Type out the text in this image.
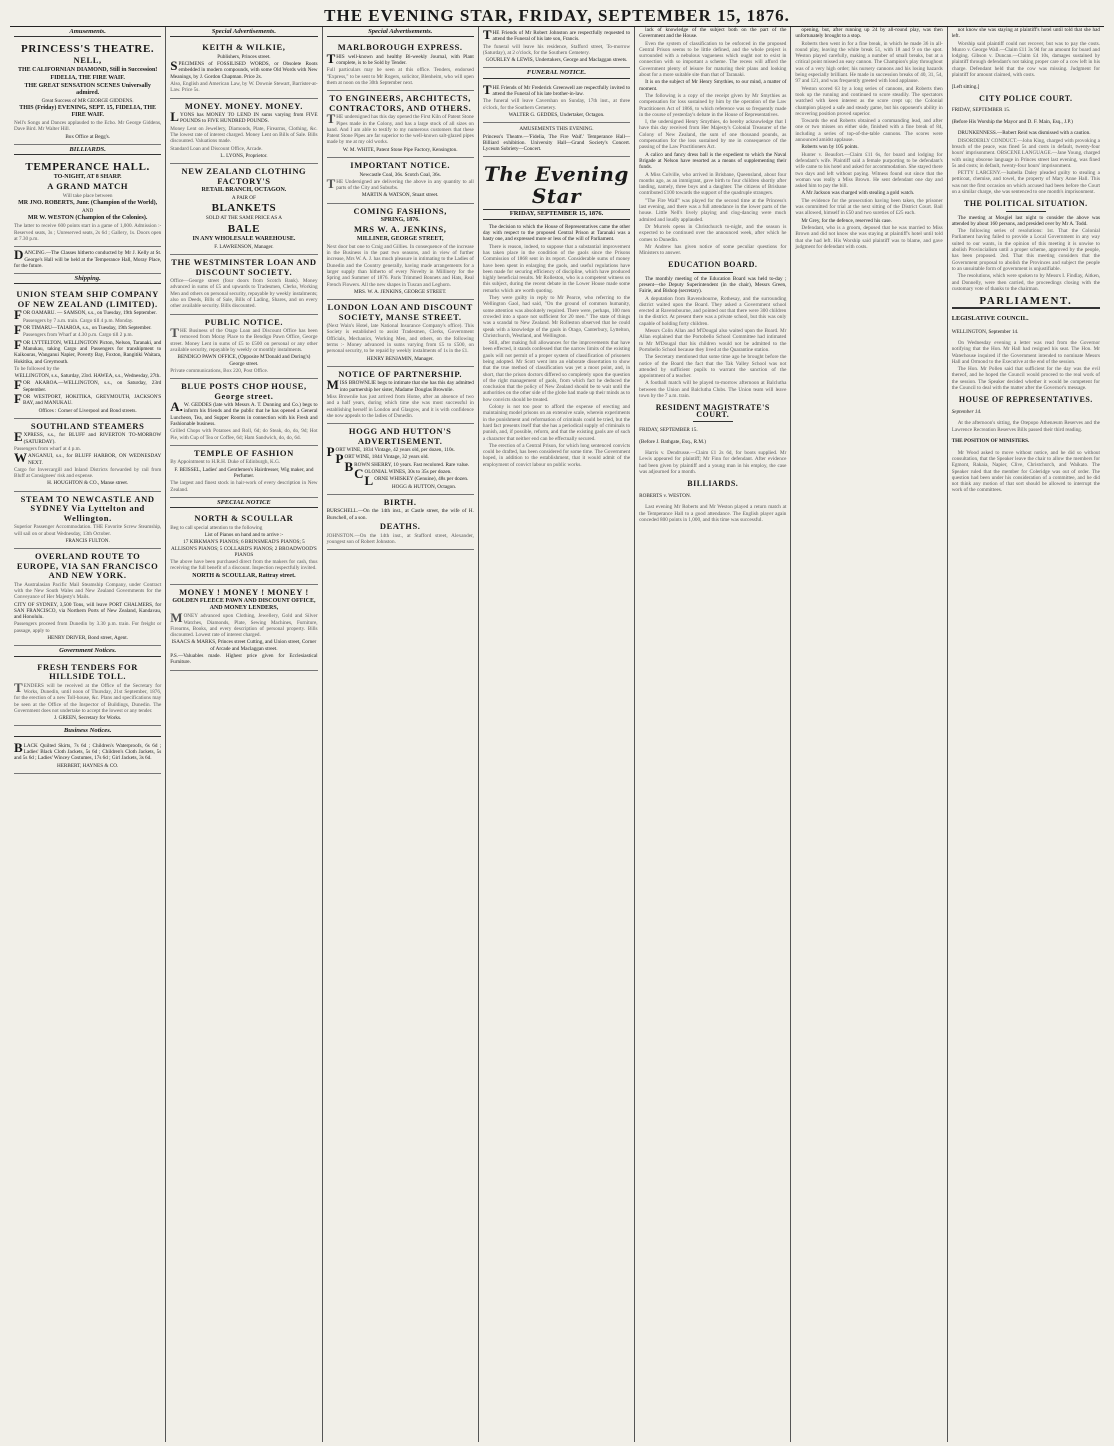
THE EVENING STAR, FRIDAY, SEPTEMBER 15, 1876.
Amusements.
PRINCESS'S THEATRE.
NELL,

THE CALIFORNIAN DIAMOND, Still in Succession!

FIDELIA, THE FIRE WAIF.

THE GREAT SENSATION SCENES Universally admired.

Great Success of MR GEORGE GIDDENS.

THIS (Friday) EVENING, SEPT. 15, FIDELIA, THE FIRE WAIF.

Nell's Songs and Dances applauded to the Echo. Mr George Giddens, Dave Bird. Mr Walter Hill.

Box Office at Begg's.

BILLIARDS.
TEMPERANCE HALL.

TO-NIGHT, AT 8 SHARP.

A GRAND MATCH

Will take place between

MR JNO. ROBERTS, Junr. (Champion of the World),

AND

MR W. WESTON (Champion of the Colonies).

The latter to receive 600 points start in a game of 1,000. Admission :- Reserved seats, 3s ; Unreserved seats, 2s 6d ; Gallery, 1s. Doors open at 7.30 p.m.

DANCING.—The Classes hitherto conducted by Mr J. Kelly at St. George's Hall will be held at the Temperance Hall, Moray Place, for the future.

Shipping.
UNION STEAM SHIP COMPANY OF NEW ZEALAND (LIMITED).

FOR OAMARU. — SAMSON, s.s., on Tuesday, 19th September.

Passengers by 7 a.m. train. Cargo till 4 p.m. Monday.

FOR TIMARU—TAIAROA, s.s., on Tuesday, 19th September.

Passengers from Wharf at 4.30 p.m. Cargo till 2 p.m.

FOR LYTTELTON, WELLINGTON Picton, Nelson, Taranaki, and Manukau, taking Cargo and Passengers for transhipment to Kaikouras, Wanganui Napier, Poverty Bay, Foxton, Rangitiki Waitara, Hokitika, and Greymouth.

To be followed by the

WELLINGTON, s.s., Saturday, 23rd. HAWEA, s.s., Wednesday, 27th.

FOR AKAROA.—WELLINGTON, s.s., on Saturday, 23rd September.

FOR WESTPORT, HOKITIKA, GREYMOUTH, JACKSON'S BAY, and MANUKAU.

Offices : Corner of Liverpool and Bond streets.

SOUTHLAND STEAMERS

EXPRESS, s.s., for BLUFF and RIVERTON TO-MORROW (SATURDAY).

Passengers from wharf at 4 p.m.

WANGANUI, s.s., for BLUFF HARBOR, ON WEDNESDAY NEXT.

Cargo for Invercargill and Inland Districts forwarded by rail from Bluff at Consignees' risk and expense.

H. HOUGHTON & CO., Manse street.

STEAM TO NEWCASTLE AND SYDNEY Via Lyttelton and Wellington.

Superior Passenger Accommodation. THE Favorite Screw Steamship, will sail on or about Wednesday, 13th October.

FRANCIS FULTON.

OVERLAND ROUTE TO EUROPE, VIA SAN FRANCISCO AND NEW YORK.

The Australasian Pacific Mail Steamship Company, under Contract with the New South Wales and New Zealand Governments for the Conveyance of Her Majesty's Mails.

CITY OF SYDNEY, 3,500 Tons, will leave PORT CHALMERS, for SAN FRANCISCO, via Northern Ports of New Zealand, Kandavau, and Honolulu.

Passengers proceed from Dunedin by 3.30 p.m. train. For freight or passage, apply to

HENRY DRIVER, Bond street, Agent.

Government Notices.
FRESH TENDERS FOR HILLSIDE TOLL.

TENDERS will be received at the Office of the Secretary for Works, Dunedin, until noon of Thursday, 21st September, 1876, for the erection of a new Toll-house, &c. Plans and specifications may be seen at the Office of the Inspector of Buildings, Dunedin. The Government does not undertake to accept the lowest or any tender.

J. GREEN, Secretary for Works.

Business Notices.

BLACK Quilted Skirts, 7s 6d ; Children's Waterproofs, 6s 6d ; Ladies' Black Cloth Jackets, 5s 6d ; Children's Cloth Jackets, 5s and 5s 6d ; Ladies' Wincey Costumes, 17s 6d ; Girl Jackets, 3s 6d.

HERBERT, HAYNES & CO.

Special Advertisements.
KEITH & WILKIE,

Publishers, Princes street.

SPECIMENS of FOSSILISED WORDS, or Obsolete Roots embedded in modern compounds, with some Old Words with New Meanings, by J. Gordon Chapman. Price 2s.

Also, English and American Law, by W. Downie Stewart, Barrister-at-Law. Price 5s.

MONEY. MONEY. MONEY.

LYONS has MONEY TO LEND IN sums varying from FIVE POUNDS to FIVE HUNDRED POUNDS.

Money Lent on Jewellery, Diamonds, Plate, Firearms, Clothing, &c. The lowest rate of interest charged. Money Lent on Bills of Sale. Bills discounted. Valuations made.

Standard Loan and Discount Office, Arcade.

L. LYONS, Proprietor.

NEW ZEALAND CLOTHING FACTORY'S

RETAIL BRANCH, OCTAGON.

A PAIR OF

BLANKETS

SOLD AT THE SAME PRICE AS A

BALE

IN ANY WHOLESALE WAREHOUSE.

F. LAWRENSON, Manager.

THE WESTMINSTER LOAN AND DISCOUNT SOCIETY.

Office—George street (four doors from Scotch Bank). Money advanced in sums of £5 and upwards to Tradesmen, Clerks, Working Men and others on personal security, repayable by weekly instalments; also on Deeds, Bills of Sale, Bills of Lading, Shares, and on every other available security. Bills discounted.

PUBLIC NOTICE.

THE Business of the Otago Loan and Discount Office has been removed from Moray Place to the Bendigo Pawn Office, George street. Money Lent in sums of £5 to £500 on personal or any other available security, repayable by weekly or monthly instalments.

BENDIGO PAWN OFFICE, (Opposite M'Donald and Doring's) George street.

Private communications, Box 220, Post Office.

BLUE POSTS CHOP HOUSE, George street.

A.W. GEDDES (late with Messrs A. T. Dunning and Co.) begs to inform his friends and the public that he has opened a General Luncheon, Tea, and Supper Rooms in connection with his Fresh and Fashionable business.

Grilled Chops with Potatoes and Roll, 6d; do Steak, do, do, 9d; Hot Pie, with Cup of Tea or Coffee, 6d; Ham Sandwich, do, do, 6d.

TEMPLE OF FASHION

By Appointment to H.R.H. Duke of Edinburgh, K.G.

F. BEISSEL, Ladies' and Gentlemen's Hairdresser, Wig maker, and Perfumer.

The largest and finest stock in hair-work of every description in New Zealand.

SPECIAL NOTICE
NORTH & SCOULLAR

Beg to call special attention to the following

List of Pianos on hand and to arrive :-

17 KIRKMAN'S PIANOS; 6 BRINSMEAD'S PIANOS; 5 ALLISON'S PIANOS; 5 COLLARD'S PIANOS; 2 BROADWOOD'S PIANOS

The above have been purchased direct from the makers for cash, thus receiving the full benefit of a discount. Inspection respectfully invited.

NORTH & SCOULLAR, Rattray street.

MONEY ! MONEY ! MONEY !

GOLDEN FLEECE PAWN AND DISCOUNT OFFICE, AND MONEY LENDERS,

MONEY advanced upon Clothing, Jewellery, Gold and Silver Watches, Diamonds, Plate, Sewing Machines, Furniture, Firearms, Books, and every description of personal property. Bills discounted. Lowest rate of interest charged.

ISAACS & MARKS, Princes street Cutting, and Union street, Corner of Arcade and Maclaggan street.

P.S.—Valuables made. Highest price given for Ecclesiastical Furniture.

Special Advertisements.
MARLBOROUGH EXPRESS.

THIS well-known and healthy Bi-weekly Journal, with Plant complete, is to be Sold by Tender.

Full particulars may be seen at this office. Tenders, endorsed "Express," to be sent to Mr Rogers, solicitor, Blenheim, who will open them at noon on the 30th September next.

TO ENGINEERS, ARCHITECTS, CONTRACTORS, AND OTHERS.

THE undersigned has this day opened the First Kiln of Patent Stone Pipes made in the Colony, and has a large stock of all sizes on hand. And I am able to testify to my numerous customers that these Patent Stone Pipes are far superior to the well-known salt-glazed pipes made by me at my old works.

W. M. WHITE, Patent Stone Pipe Factory, Kensington.

IMPORTANT NOTICE.

Newcastle Coal, 36s. Scotch Coal, 36s.

THE Undersigned are delivering the above in any quantity to all parts of the City and Suburbs.

MARTIN & WATSON, Stuart street.

COMING FASHIONS,

SPRING, 1876.

MRS W. A. JENKINS,

MILLINER, GEORGE STREET,

Next door but one to Craig and Gillies. In consequence of the increase in the Business in the past two seasons, and in view of further increase, Mrs W. A. J. has much pleasure in intimating to the Ladies of Dunedin and the Country generally, having made arrangements for a larger supply than hitherto of every Novelty in Millinery for the Spring and Summer of 1876. Paris Trimmed Bonnets and Hats, Real French Flowers. All the new shapes in Tuscan and Leghorn.

MRS. W. A. JENKINS, GEORGE STREET.

LONDON LOAN AND DISCOUNT SOCIETY, MANSE STREET.

(Next Wain's Hotel, late National Insurance Company's office). This Society is established to assist Tradesmen, Clerks, Government Officials, Mechanics, Working Men, and others, on the following terms :- Money advanced in sums varying from £5 to £500, on personal security, to be repaid by weekly instalments of 1s in the £1.

HENRY BENJAMIN, Manager.

NOTICE OF PARTNERSHIP.

MISS BROWNLIE begs to intimate that she has this day admitted into partnership her sister, Madame Douglas Brownlie.

Miss Brownlie has just arrived from Home, after an absence of two and a half years, during which time she was most successful in establishing herself in London and Glasgow, and it is with confidence she now appeals to the ladies of Dunedin.

HOGG AND HUTTON'S ADVERTISEMENT.

PORT WINE, 1834 Vintage, 42 years old, per dozen, 110s.

PORT WINE, 1844 Vintage, 32 years old.

BROWN SHERRY, 10 years. Fast recolored. Rare value.

COLONIAL WINES, 30s to 35s per dozen.

LORNE WHISKEY (Genuine), 48s per dozen.

HOGG & HUTTON, Octagon.

BIRTH.

BURSCHELL.—On the 14th inst., at Castle street, the wife of H. Burschell, of a son.

DEATHS.

JOHNSTON.—On the 14th inst., at Stafford street, Alexander, youngest son of Robert Johnston.

THE Friends of Mr Robert Johnston are respectfully requested to attend the Funeral of his late son, Francis.

The funeral will leave his residence, Stafford street, To-morrow (Saturday), at 2 o'clock, for the Southern Cemetery.

GOURLEY & LEWIS, Undertakers, George and Maclaggan streets.

FUNERAL NOTICE.

THE Friends of Mr Frederick Greenwell are respectfully invited to attend the Funeral of his late brother-in-law.

The funeral will leave Cavershan on Sunday, 17th inst., at three o'clock, for the Southern Cemetery.

WALTER G. GEDDES, Undertaker, Octagon.

AMUSEMENTS THIS EVENING.

Princess's Theatre.—'Fidelia, The Fire Waif.' Temperance Hall—Billiard exhibition. University Hall—Grand Society's Concert. Lyceum Sobriety—Concert.

The Evening Star
FRIDAY, SEPTEMBER 15, 1876.

The decision to which the House of Representatives came the other day with respect to the proposed Central Prison at Taranaki was a hasty one, and expressed more or less of the will of Parliament.

There is reason, indeed, to suppose that a substantial improvement has taken place in the condition of the gaols since the Prisons Commission of 1868 sent in its report. Considerable sums of money have been spent in enlarging the gaols, and useful regulations have been made for securing efficiency of discipline, which have produced highly beneficial results. Mr Rolleston, who is a competent witness on this subject, during the recent debate in the Lower House made some remarks which are worth quoting.

They were guilty in reply to Mr Pearce, who referring to the Wellington Gaol, had said, "On the ground of common humanity, some attention was absolutely required. There were, perhaps, 100 men crowded into a space not sufficient for 20 men." The state of things was a scandal to New Zealand. Mr Rolleston observed that he could speak with a knowledge of the gaols in Otago, Canterbury, Lyttelton, Christchurch, Westland, and Wellington.

Still, after making full allowances for the improvements that have been effected, it stands confessed that the narrow limits of the existing gaols will not permit of a proper system of classification of prisoners being adopted. Mr Scott went into an elaborate dissertation to show that the true method of classification was yet a moot point, and, in short, that the prison doctors differed so completely upon the question of the right management of gaols, from which fact he deduced the conclusion that the policy of New Zealand should be to wait until the authorities on the other side of the globe had made up their minds as to how convicts should be treated.

Colony is not too poor to afford the expense of erecting and maintaining model prisons on an extensive scale, wherein experiments in the punishment and reformation of criminals could be tried, but the hard fact presents itself that she has a periodical supply of criminals to punish, and, if possible, reform, and that the existing gaols are of such a character that neither end can be effectually secured.

The erection of a Central Prison, for which long sentenced convicts could be drafted, has been considered for some time. The Government hoped, in addition to the establishment, that it would admit of the employment of convict labour on public works.

lack of knowledge of the subject both on the part of the Government and the House.

Even the system of classification to be enforced in the proposed Central Prison seems to be little defined, and the whole project is surrounded with a nebulous vagueness which ought not to exist in connection with so important a scheme. The recess will afford the Government plenty of leisure for maturing their plans and looking about for a more suitable site than that of Taranaki.

It is on the subject of Mr Henry Smythies, to our mind, a matter of moment.

The following is a copy of the receipt given by Mr Smythies as compensation for loss sustained by him by the operation of the Law Practitioners Act of 1866, to which reference was so frequently made in the course of yesterday's debate in the House of Representatives.

I, the undersigned Henry Smythies, do hereby acknowledge that I have this day received from Her Majesty's Colonial Treasurer of the Colony of New Zealand, the sum of one thousand pounds, as compensation for the loss sustained by me in consequence of the passing of the Law Practitioners Act.

A calico and fancy dress ball is the expedient to which the Naval Brigade at Nelson have resorted as a means of supplementing their funds.

A Miss Colville, who arrived in Brisbane, Queensland, about four months ago, as an immigrant, gave birth to four children shortly after landing, namely, three boys and a daughter. The citizens of Brisbane contributed £100 towards the support of the quadruple strangers.

"The Fire Waif" was played for the second time at the Princess's last evening, and there was a full attendance in the lower parts of the house. Little Nell's lively playing and clog-dancing were much admired and loudly applauded.

Dr Murrels opens in Christchurch to-night, and the season is expected to be continued over the announced week, after which he comes to Dunedin.

Mr Andrew has given notice of some peculiar questions for Ministers to answer.

EDUCATION BOARD.

The monthly meeting of the Education Board was held to-day ; present—the Deputy Superintendent (in the chair), Messrs Green, Fairie, and Bishop (secretary).

A deputation from Ravensbourne, Rothesay, and the surrounding district waited upon the Board. They asked a Government school erected at Ravensbourne, and pointed out that there were 300 children in the district. At present there was a private school, but this was only capable of holding forty children.

Messrs Colin Allan and M'Dougal also waited upon the Board. Mr Allan explained that the Portobello School Committee had intimated to Mr M'Dougal that his children would not be admitted to the Portobello School because they lived at the Quarantine station.

The Secretary mentioned that some time ago he brought before the notice of the Board the fact that the Tak Valley School was not attended by sufficient pupils to warrant the sanction of the appointment of a teacher.

A football match will be played to-morrow afternoon at Balclutha between the Union and Balclutha Clubs. The Union team will leave town by the 7 a.m. train.

RESIDENT MAGISTRATE'S COURT.

FRIDAY, SEPTEMBER 15.

(Before J. Bathgate, Esq., R.M.)

Harris v. Dendrusse.—Claim £1 2s 6d, for boots supplied. Mr Lewis appeared for plaintiff; Mr Finn for defendant. After evidence had been given by plaintiff and a young man in his employ, the case was adjourned for a month.

BILLIARDS.

ROBERTS v. WESTON.

Last evening Mr Roberts and Mr Weston played a return match at the Temperance Hall to a good attendance. The English player again conceded 800 points in 1,000, and this time was successful.

opening, but, after running up 24 by all-round play, was then unfortunately brought to a stop.

Roberts then went in for a fine break, in which he made 36 in all-round play, leaving the white break 51, with 18 and 9 on the spot. Weston played carefully, making a number of small breaks, but at a critical point missed an easy cannon. The Champion's play throughout was of a very high order; his nursery cannons and his losing hazards being especially brilliant. He made in succession breaks of 40, 31, 54, 97 and 121, and was frequently greeted with loud applause.

Weston scored 63 by a long series of cannons, and Roberts then took up the running and continued to score steadily. The spectators watched with keen interest as the score crept up; the Colonial champion played a safe and steady game, but his opponent's ability in recovering position proved superior.

Towards the end Roberts obtained a commanding lead, and after one or two misses on either side, finished with a fine break of 84, including a series of top-of-the-table cannons. The scores were announced amidst applause.

Roberts won by 105 points.

Hunter v. Beaufort.—Claim £11 6s, for board and lodging for defendant's wife. Plaintiff said a female purporting to be defendant's wife came to his hotel and asked for accommodation. She stayed there two days and left without paying. Witness found out since that the woman was really a Miss Brown. He sent defendant one day and asked him to pay the bill.

A Mr Jackson was charged with stealing a gold watch.

The evidence for the prosecution having been taken, the prisoner was committed for trial at the next sitting of the District Court. Bail was allowed, himself in £50 and two sureties of £25 each.

Mr Grey, for the defence, reserved his case.

Defendant, who is a groom, deposed that he was married to Miss Brown and did not know she was staying at plaintiff's hotel until told that she had left. His Worship said plaintiff was to blame, and gave judgment for defendant with costs.

not know she was staying at plaintiff's hotel until told that she had left.

Worship said plaintiff could not recover, but was to pay the costs. Munro v. George Wall.—Claim £11 3s 9d for an amount for board and lodging. Gibson v. Duncan.—Claim £4 10s, damages sustained by plaintiff through defendant's not taking proper care of a cow left in his charge. Defendant held that the cow was missing. Judgment for plaintiff for amount claimed, with costs.

[Left sitting.]

CITY POLICE COURT.

FRIDAY, SEPTEMBER 15.

(Before His Worship the Mayor and D. F. Main, Esq., J.P.)

DRUNKENNESS.—Robert Reid was dismissed with a caution.

DISORDERLY CONDUCT.—John King, charged with provoking a breach of the peace, was fined 5s and costs in default, twenty-four hours' imprisonment. OBSCENE LANGUAGE.—Jane Young, charged with using obscene language in Princes street last evening, was fined 5s and costs; in default, twenty-four hours' imprisonment.

PETTY LARCENY.—Isabella Daley pleaded guilty to stealing a petticoat, chemise, and towel, the property of Mary Anne Hall. This was not the first occasion on which accused had been before the Court on a similar charge, she was sentenced to one month's imprisonment.

THE POLITICAL SITUATION.

The meeting at Mosgiel last night to consider the above was attended by about 160 persons, and presided over by Mr A. Todd.

The following series of resolutions: 1st. That the Colonial Parliament having failed to provide a Local Government in any way suited to our wants, in the opinion of this meeting it is unwise to abolish Provincialism until a proper scheme, approved by the people, has been proposed. 2nd. That this meeting considers that the Government proposal to abolish the Provinces and subject the people to an unsuitable form of government is unjustifiable.

The resolutions, which were spoken to by Messrs I. Findlay, Aitken, and Donnelly, were then carried, the proceedings closing with the customary vote of thanks to the chairman.

PARLIAMENT.

LEGISLATIVE COUNCIL.

WELLINGTON, September 14.

On Wednesday evening a letter was read from the Governor notifying that the Hon. Mr Hall had resigned his seat. The Hon. Mr Waterhouse inquired if the Government intended to nominate Messrs Hall and Ormond to the Executive at the end of the session.

The Hon. Mr Pollen said that sufficient for the day was the evil thereof, and he hoped the Council would proceed to the real work of the session. The Speaker decided whether it would be competent for the Council to deal with the matter after the Governor's message.

HOUSE OF REPRESENTATIVES.

September 14.

At the afternoon's sitting, the Otepopo Athenæum Reserves and the Lawrence Recreation Reserves Bills passed their third reading.

THE POSITION OF MINISTERS.

Mr Wood asked to move without notice, and he did so without consultation, that the Speaker leave the chair to allow the members for Egmont, Rakaia, Napier, Clive, Christchurch, and Waikato. The Speaker ruled that the member for Coleridge was out of order. The question had been under his consideration of a committee, and he did not think any motion of that sort should be allowed to interrupt the work of the committees.
